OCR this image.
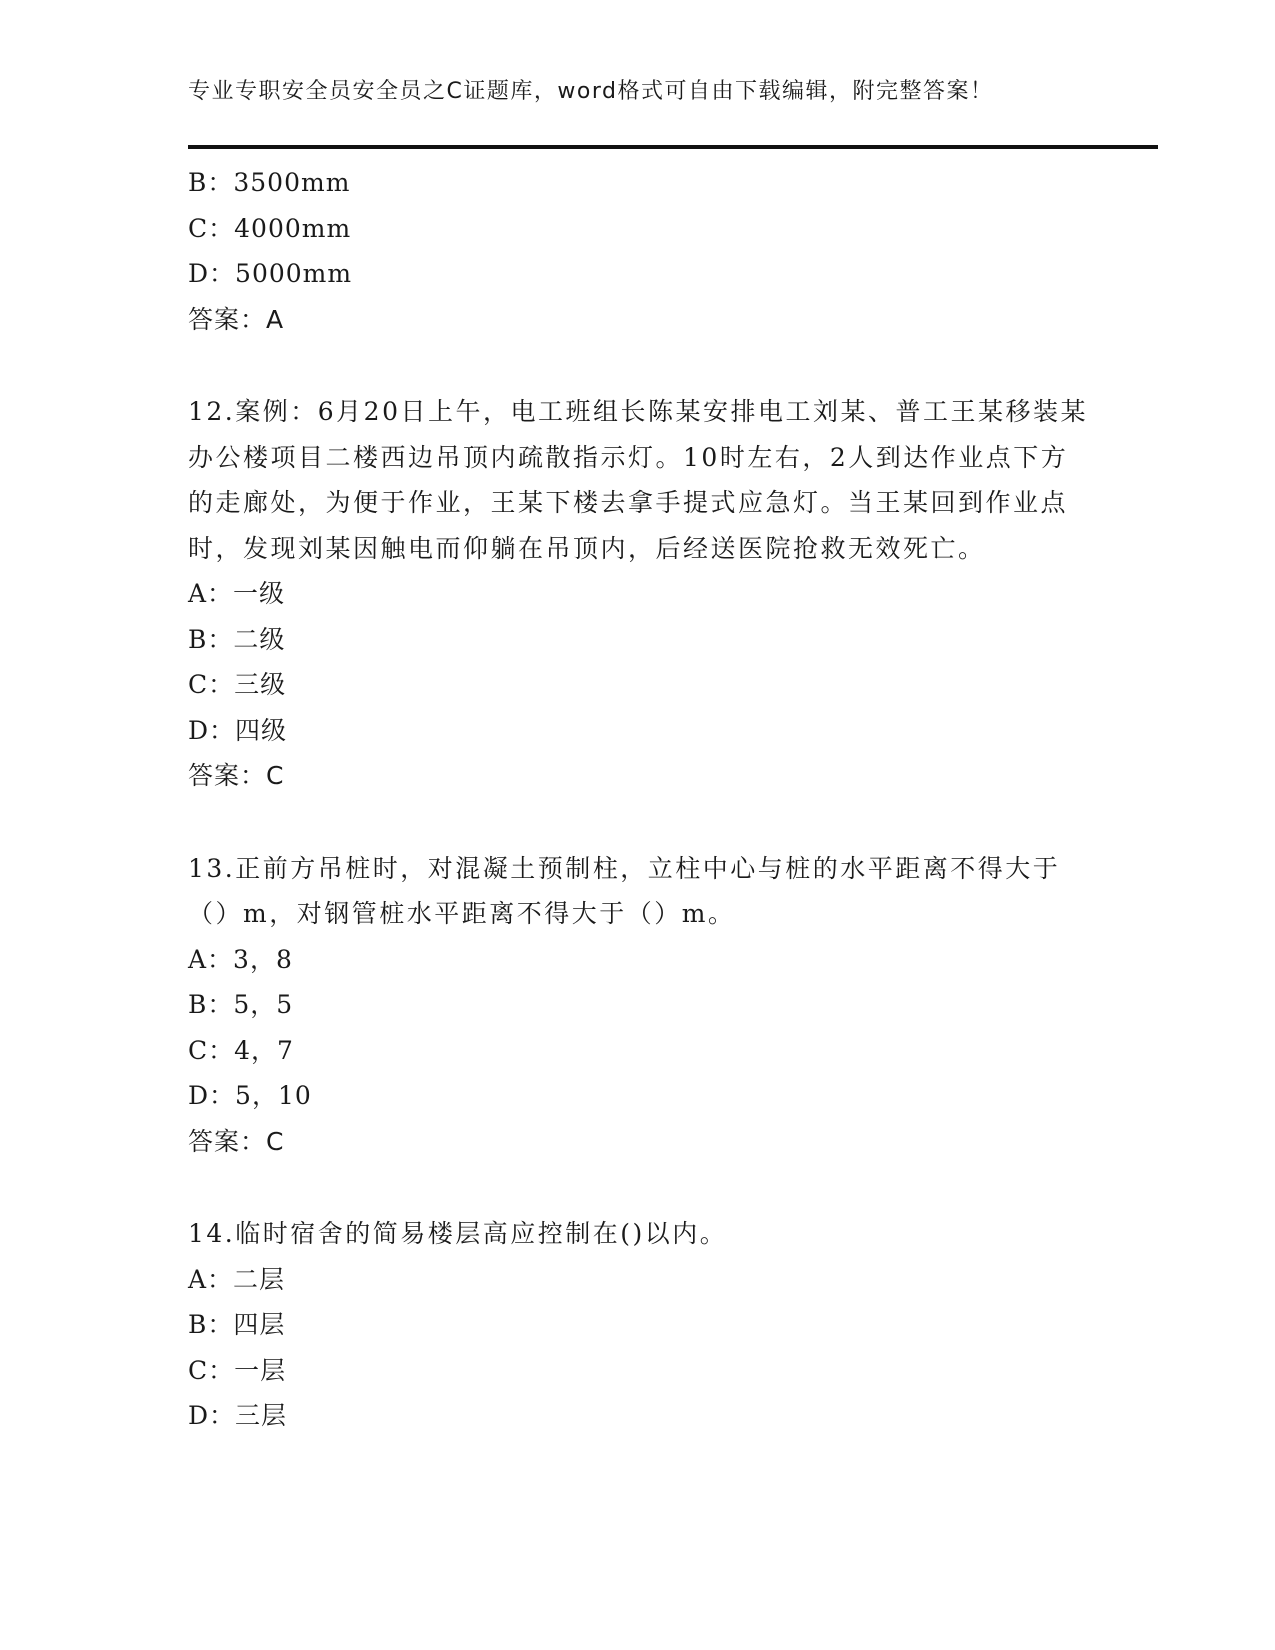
专业专职安全员安全员之C证题库，word格式可自由下载编辑，附完整答案！
B：3500mm
C：4000mm
D：5000mm
答案：A
12.案例：6月20日上午，电工班组长陈某安排电工刘某、普工王某移装某办公楼项目二楼西边吊顶内疏散指示灯。10时左右，2人到达作业点下方的走廊处，为便于作业，王某下楼去拿手提式应急灯。当王某回到作业点时，发现刘某因触电而仰躺在吊顶内，后经送医院抢救无效死亡。
A：一级
B：二级
C：三级
D：四级
答案：C
13.正前方吊桩时，对混凝土预制柱，立柱中心与桩的水平距离不得大于（）m，对钢管桩水平距离不得大于（）m。
A：3，8
B：5，5
C：4，7
D：5，10
答案：C
14.临时宿舍的简易楼层高应控制在()以内。
A：二层
B：四层
C：一层
D：三层
